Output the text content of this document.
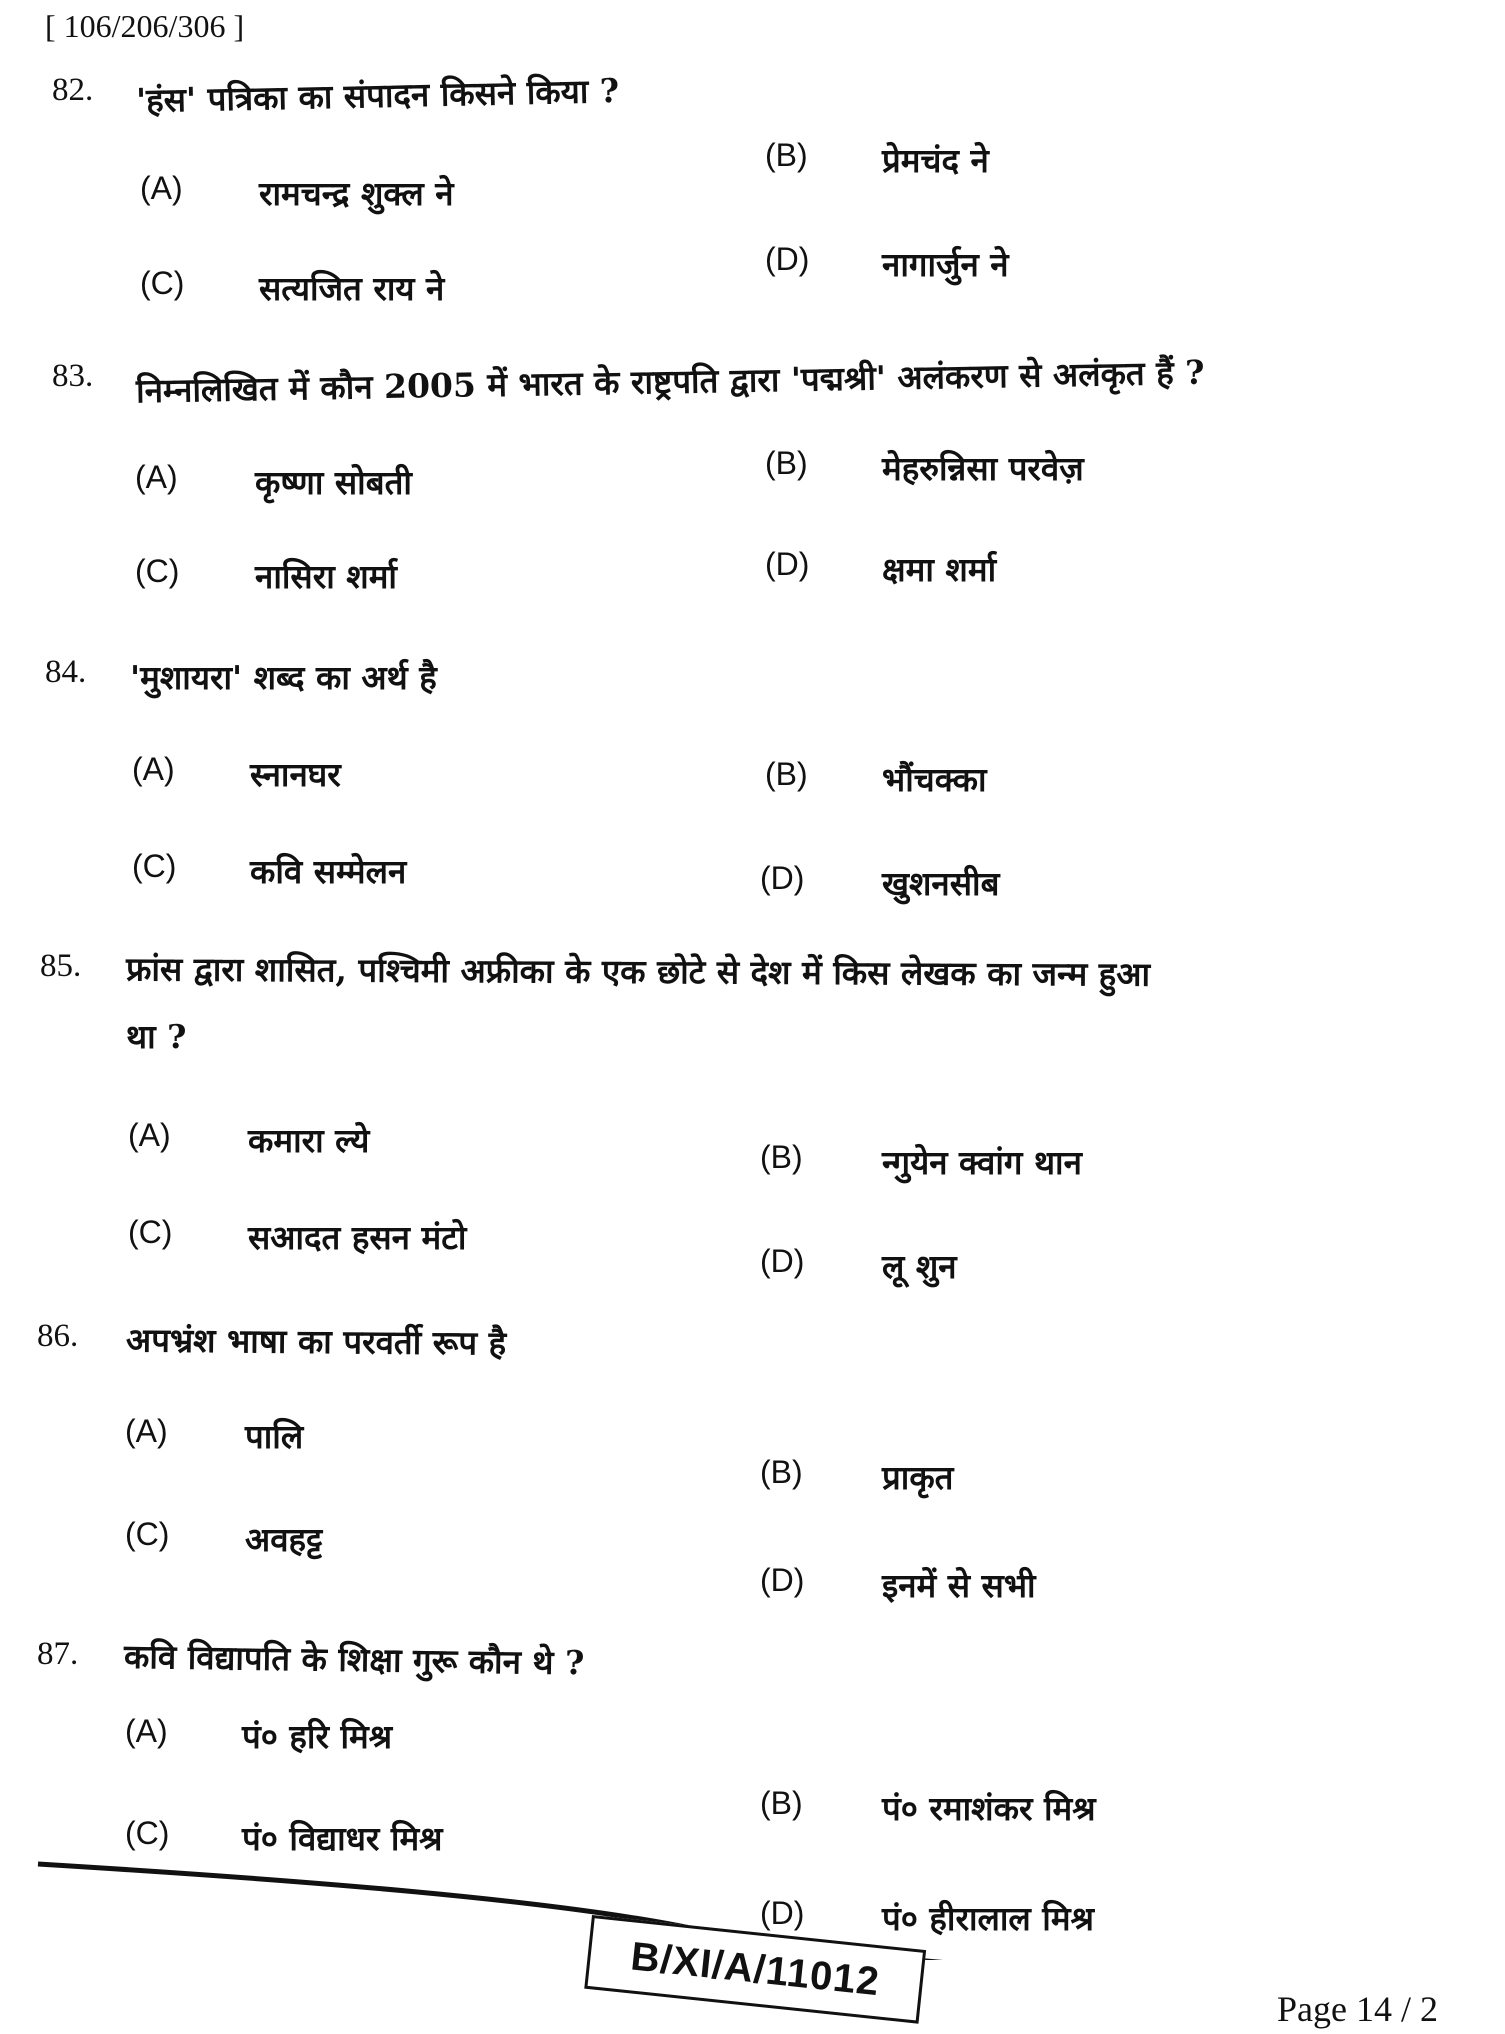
[ 106/206/306 ]
82. 'हंस' पत्रिका का संपादन किसने किया ?
(A) रामचन्द्र शुक्ल ने
(B) प्रेमचंद ने
(C) सत्यजित राय ने
(D) नागार्जुन ने
83. निम्नलिखित में कौन 2005 में भारत के राष्ट्रपति द्वारा 'पद्मश्री' अलंकरण से अलंकृत हैं ?
(A) कृष्णा सोबती	(B) मेहरुन्निसा परवेज़
(C) नासिरा शर्मा	(D) क्षमा शर्मा
84. 'मुशायरा' शब्द का अर्थ है
(A) स्नानघर	(B) भौंचक्का
(C) कवि सम्मेलन	(D) खुशनसीब
85. फ्रांस द्वारा शासित, पश्चिमी अफ्रीका के एक छोटे से देश में किस लेखक का जन्म हुआ
था ?
(A) कमारा ल्ये	(B) न्गुयेन क्वांग थान
(C) सआदत हसन मंटो
(D) लू शुन
86. अपभ्रंश भाषा का परवर्ती रूप है
(A) पालि
(B) प्राकृत
(C) अवहट्ट
(D) इनमें से सभी
87. कवि विद्यापति के शिक्षा गुरू कौन थे ?
(A) पं० हरि मिश्र
(B) पं० रमाशंकर मिश्र
(C) पं० विद्याधर मिश्र
(D) पं० हीरालाल मिश्र
B/XI/A/11012
Page 14 / 2
